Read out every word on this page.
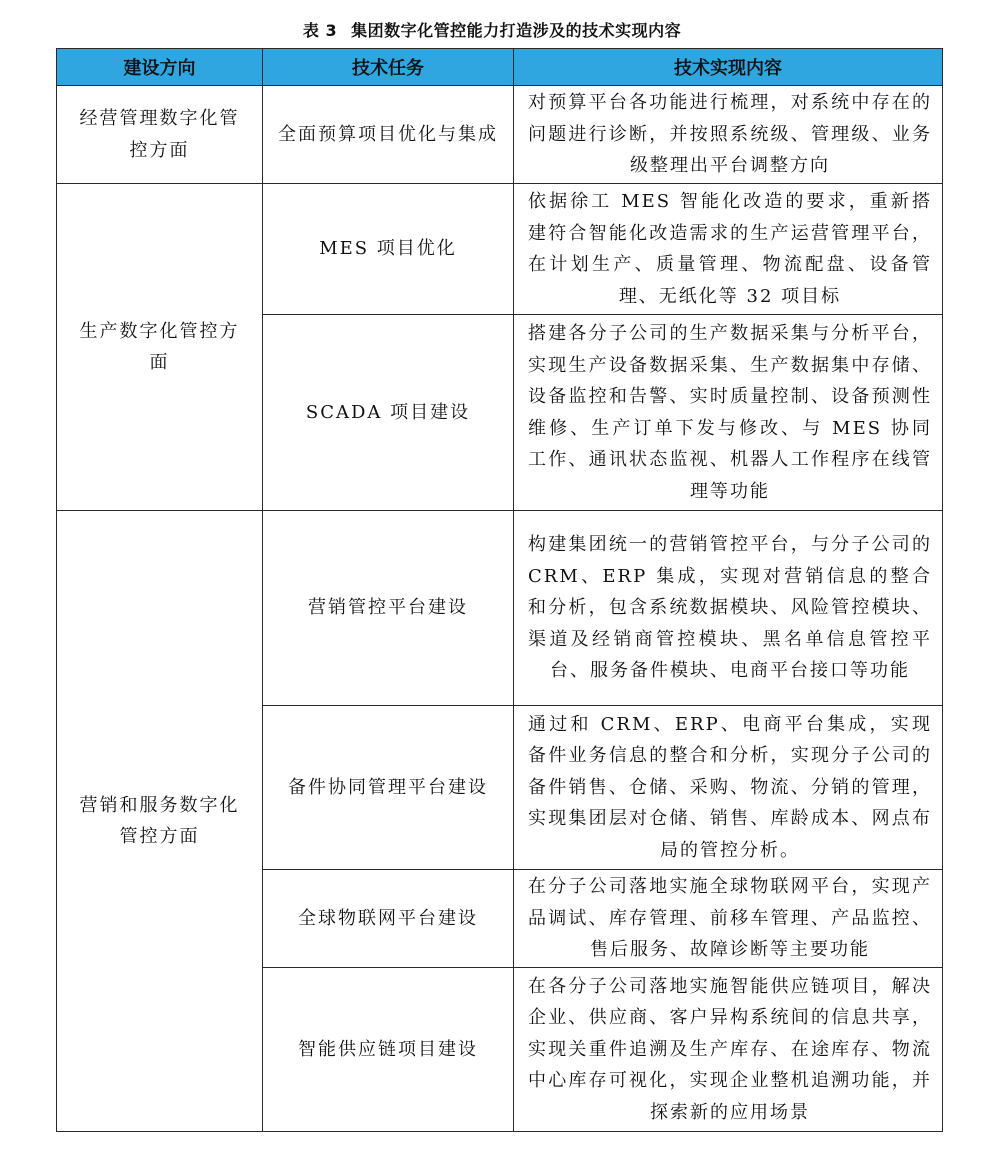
表 3 集团数字化管控能力打造涉及的技术实现内容
建设方向	技术任务	技术实现内容
经营管理数字化管控方面	全面预算项目优化与集成	对预算平台各功能进行梳理，对系统中存在的问题进行诊断，并按照系统级、管理级、业务级整理出平台调整方向

生产数字化管控方面	MES 项目优化	依据徐工 MES 智能化改造的要求，重新搭建符合智能化改造需求的生产运营管理平台，在计划生产、质量管理、物流配盘、设备管理、无纸化等 32 项目标

	SCADA 项目建设	搭建各分子公司的生产数据采集与分析平台，实现生产设备数据采集、生产数据集中存储、设备监控和告警、实时质量控制、设备预测性维修、生产订单下发与修改、与 MES 协同工作、通讯状态监视、机器人工作程序在线管理等功能

营销和服务数字化管控方面	营销管控平台建设	构建集团统一的营销管控平台，与分子公司的 CRM、ERP 集成，实现对营销信息的整合和分析，包含系统数据模块、风险管控模块、渠道及经销商管控模块、黑名单信息管控平台、服务备件模块、电商平台接口等功能

	备件协同管理平台建设	通过和 CRM、ERP、电商平台集成，实现备件业务信息的整合和分析，实现分子公司的备件销售、仓储、采购、物流、分销的管理，实现集团层对仓储、销售、库龄成本、网点布局的管控分析。

	全球物联网平台建设	在分子公司落地实施全球物联网平台，实现产品调试、库存管理、前移车管理、产品监控、售后服务、故障诊断等主要功能

	智能供应链项目建设	在各分子公司落地实施智能供应链项目，解决企业、供应商、客户异构系统间的信息共享，实现关重件追溯及生产库存、在途库存、物流中心库存可视化，实现企业整机追溯功能，并探索新的应用场景
